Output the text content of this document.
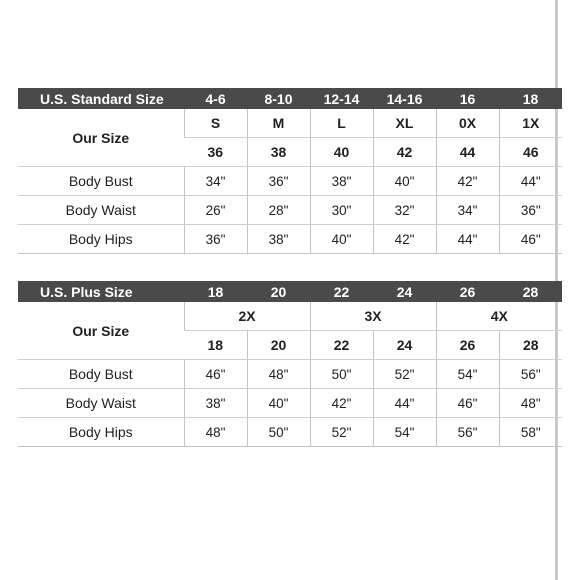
U.S. Standard Size	4-6	8-10	12-14	14-16	16	18
Our Size	S	M	L	XL	0X	1X
	36	38	40	42	44	46
Body Bust	34"	36"	38"	40"	42"	44"
Body Waist	26"	28"	30"	32"	34"	36"
Body Hips	36"	38"	40"	42"	44"	46"
U.S. Plus Size	18	20	22	24	26	28
Our Size	2X		3X		4X	
	18	20	22	24	26	28
Body Bust	46"	48"	50"	52"	54"	56"
Body Waist	38"	40"	42"	44"	46"	48"
Body Hips	48"	50"	52"	54"	56"	58"
